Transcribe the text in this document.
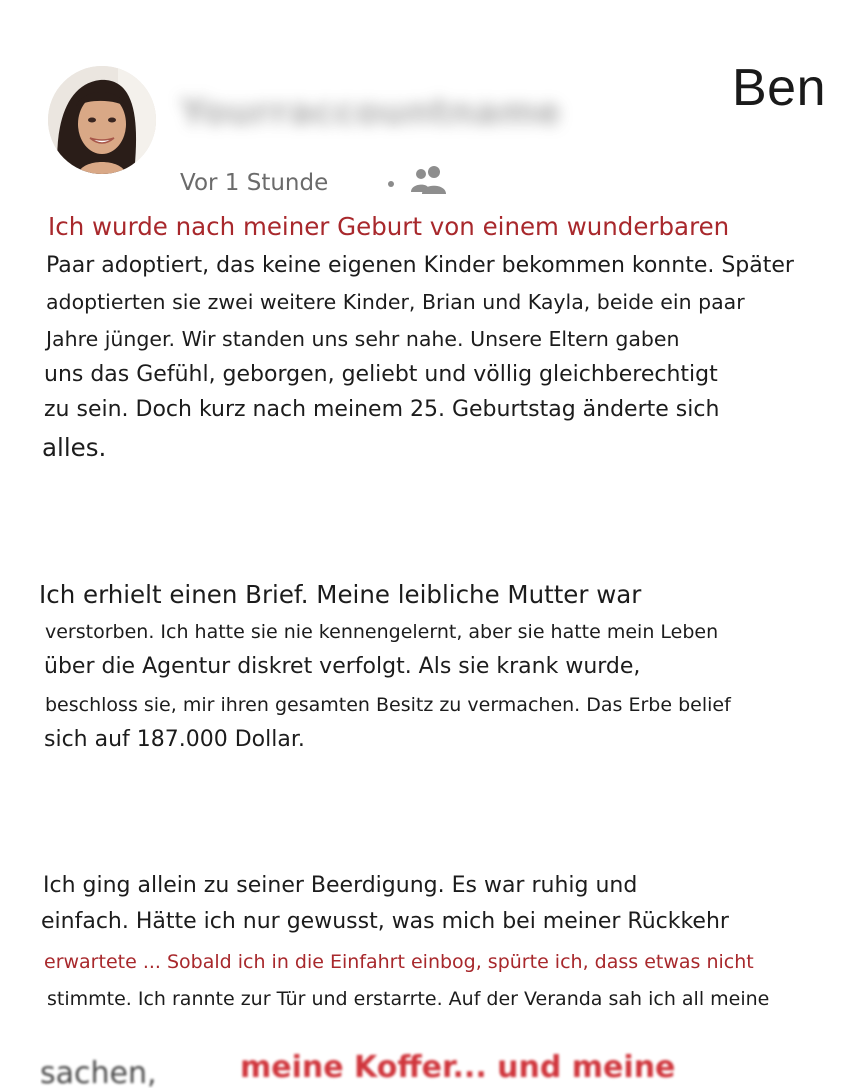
Yourraccountname	Ben
Vor 1 Stunde
Ich wurde nach meiner Geburt von einem wunderbaren
Paar adoptiert, das keine eigenen Kinder bekommen konnte. Später
adoptierten sie zwei weitere Kinder, Brian und Kayla, beide ein paar
Jahre jünger. Wir standen uns sehr nahe. Unsere Eltern gaben
uns das Gefühl, geborgen, geliebt und völlig gleichberechtigt
zu sein. Doch kurz nach meinem 25. Geburtstag änderte sich
alles.
Ich erhielt einen Brief. Meine leibliche Mutter war
verstorben. Ich hatte sie nie kennengelernt, aber sie hatte mein Leben
über die Agentur diskret verfolgt. Als sie krank wurde,
beschloss sie, mir ihren gesamten Besitz zu vermachen. Das Erbe belief
sich auf 187.000 Dollar.
Ich ging allein zu seiner Beerdigung. Es war ruhig und
einfach. Hätte ich nur gewusst, was mich bei meiner Rückkehr
erwartete ... Sobald ich in die Einfahrt einbog, spürte ich, dass etwas nicht
stimmte. Ich rannte zur Tür und erstarrte. Auf der Veranda sah ich all meine
sachen,	meine Koffer... und meine
